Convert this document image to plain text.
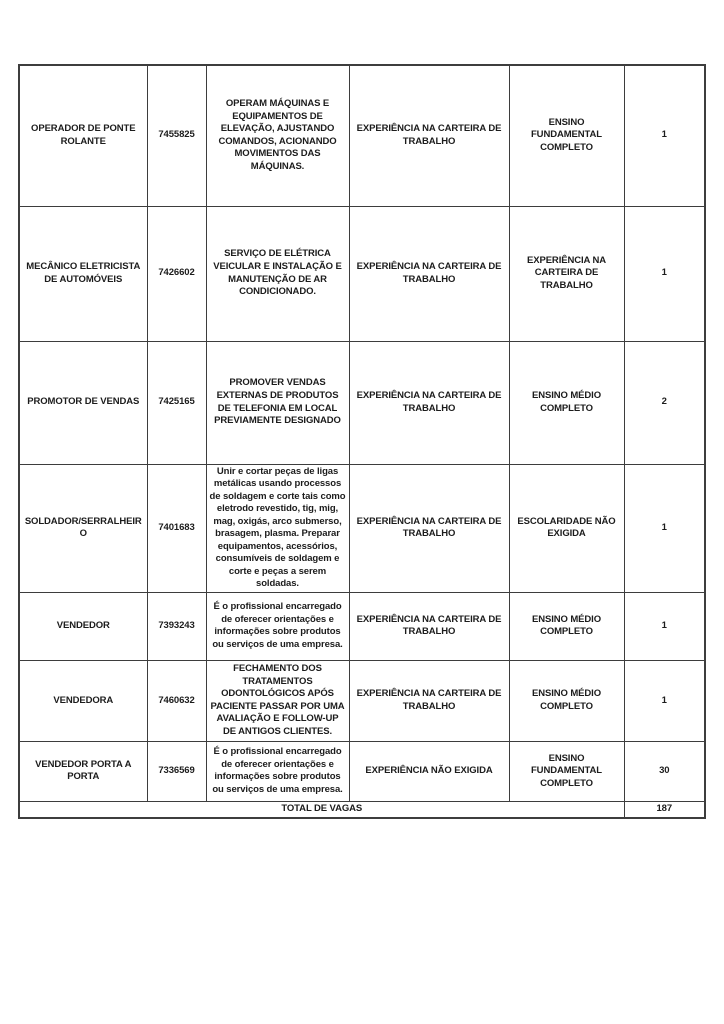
OPERADOR DE PONTE ROLANTE	7455825	OPERAM MÁQUINAS E EQUIPAMENTOS DE ELEVAÇÃO, AJUSTANDO COMANDOS, ACIONANDO MOVIMENTOS DAS MÁQUINAS.	EXPERIÊNCIA NA CARTEIRA DE TRABALHO	ENSINO FUNDAMENTAL COMPLETO	1
MECÂNICO ELETRICISTA DE AUTOMÓVEIS	7426602	SERVIÇO DE ELÉTRICA VEICULAR E INSTALAÇÃO E MANUTENÇÃO DE AR CONDICIONADO.	EXPERIÊNCIA NA CARTEIRA DE TRABALHO	EXPERIÊNCIA NA CARTEIRA DE TRABALHO	1
PROMOTOR DE VENDAS	7425165	PROMOVER VENDAS EXTERNAS DE PRODUTOS DE TELEFONIA EM LOCAL PREVIAMENTE DESIGNADO	EXPERIÊNCIA NA CARTEIRA DE TRABALHO	ENSINO MÉDIO COMPLETO	2
SOLDADOR/SERRALHEIRO	7401683	Unir e cortar peças de ligas metálicas usando processos de soldagem e corte tais como eletrodo revestido, tig, mig, mag, oxigás, arco submerso, brasagem, plasma. Preparar equipamentos, acessórios, consumíveis de soldagem e corte e peças a serem soldadas.	EXPERIÊNCIA NA CARTEIRA DE TRABALHO	ESCOLARIDADE NÃO EXIGIDA	1
VENDEDOR	7393243	É o profissional encarregado de oferecer orientações e informações sobre produtos ou serviços de uma empresa.	EXPERIÊNCIA NA CARTEIRA DE TRABALHO	ENSINO MÉDIO COMPLETO	1
VENDEDORA	7460632	FECHAMENTO DOS TRATAMENTOS ODONTOLÓGICOS APÓS PACIENTE PASSAR POR UMA AVALIAÇÃO E FOLLOW-UP DE ANTIGOS CLIENTES.	EXPERIÊNCIA NA CARTEIRA DE TRABALHO	ENSINO MÉDIO COMPLETO	1
VENDEDOR PORTA A PORTA	7336569	É o profissional encarregado de oferecer orientações e informações sobre produtos ou serviços de uma empresa.	EXPERIÊNCIA NÃO EXIGIDA	ENSINO FUNDAMENTAL COMPLETO	30
TOTAL DE VAGAS					187
